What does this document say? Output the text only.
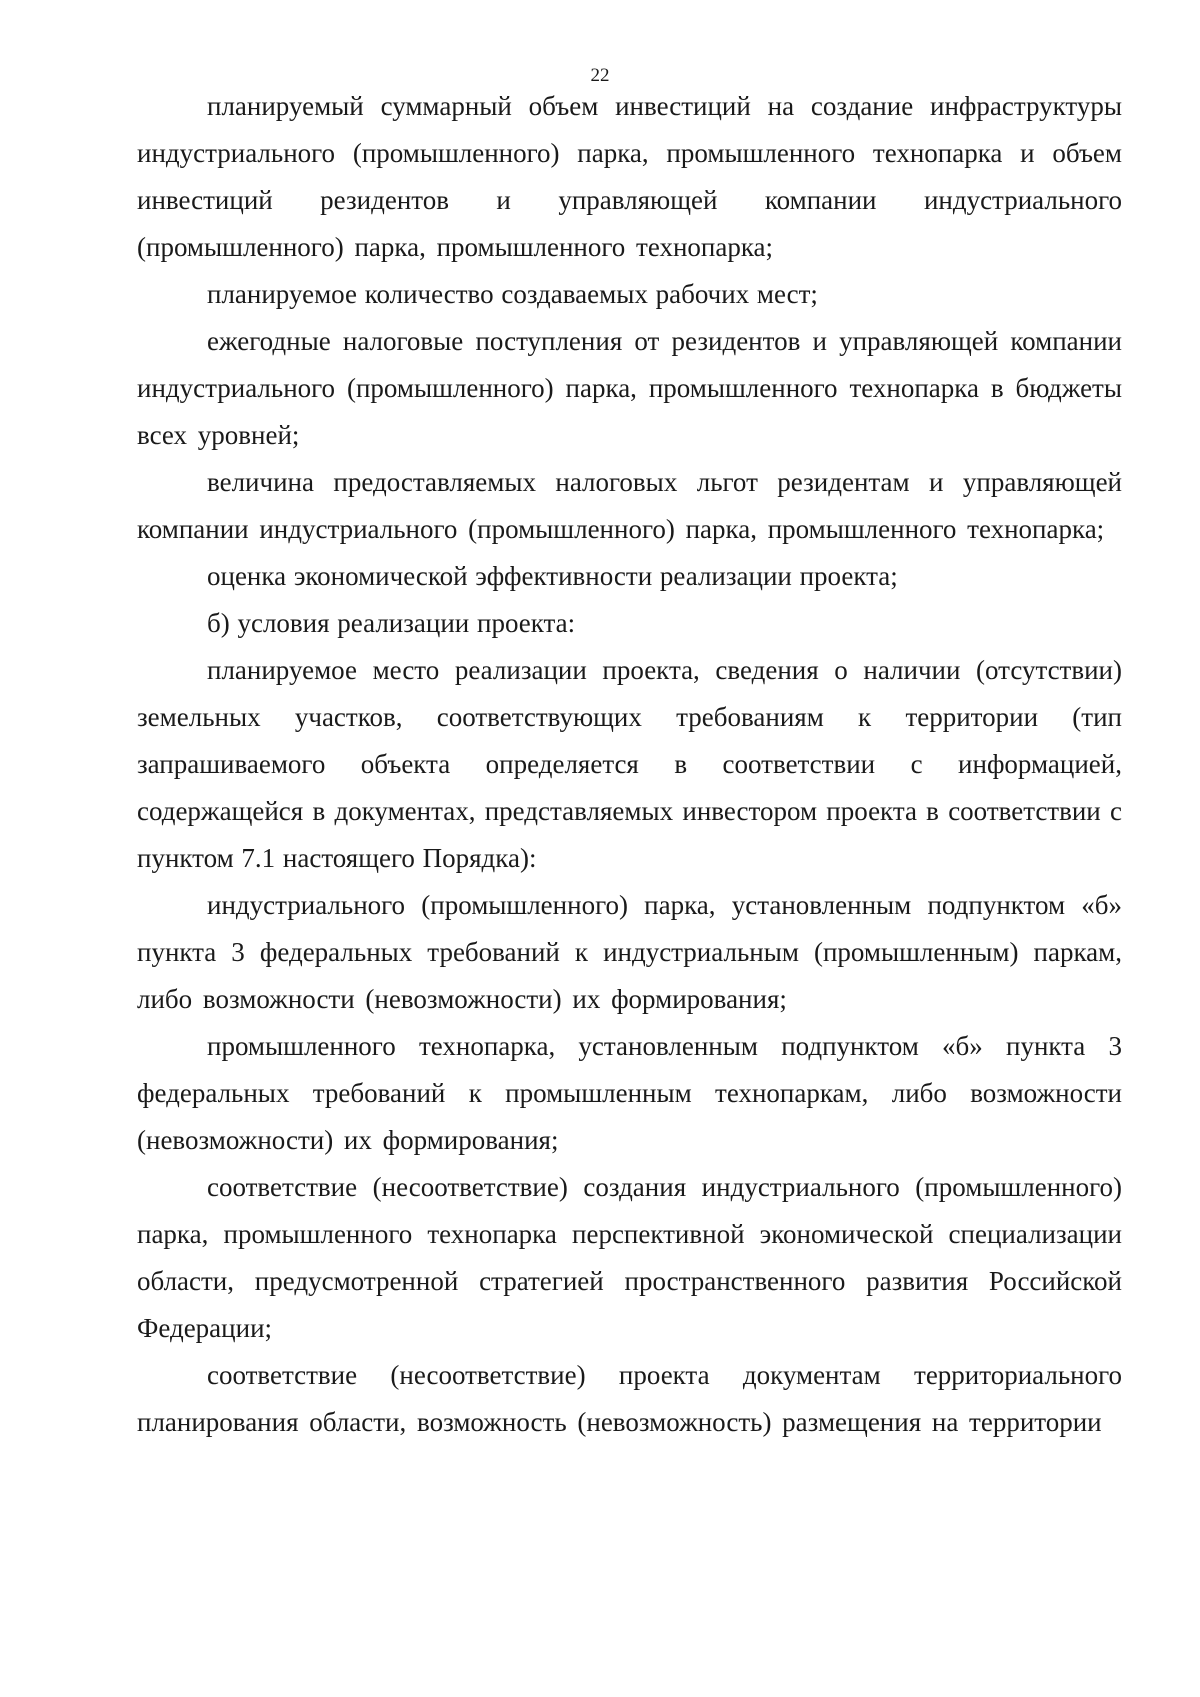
22

планируемый суммарный объем инвестиций на создание инфраструктуры индустриального (промышленного) парка, промышленного технопарка и объем инвестиций резидентов и управляющей компании индустриального (промышленного) парка, промышленного технопарка;

планируемое количество создаваемых рабочих мест;

ежегодные налоговые поступления от резидентов и управляющей компании индустриального (промышленного) парка, промышленного технопарка в бюджеты всех уровней;

величина предоставляемых налоговых льгот резидентам и управляющей компании индустриального (промышленного) парка, промышленного технопарка;

оценка экономической эффективности реализации проекта;

б) условия реализации проекта:

планируемое место реализации проекта, сведения о наличии (отсутствии) земельных участков, соответствующих требованиям к территории (тип запрашиваемого объекта определяется в соответствии с информацией, содержащейся в документах, представляемых инвестором проекта в соответствии с пунктом 7.1 настоящего Порядка):

индустриального (промышленного) парка, установленным подпунктом «б» пункта 3 федеральных требований к индустриальным (промышленным) паркам, либо возможности (невозможности) их формирования;

промышленного технопарка, установленным подпунктом «б» пункта 3 федеральных требований к промышленным технопаркам, либо возможности (невозможности) их формирования;

соответствие (несоответствие) создания индустриального (промышленного) парка, промышленного технопарка перспективной экономической специализации области, предусмотренной стратегией пространственного развития Российской Федерации;

соответствие (несоответствие) проекта документам территориального планирования области, возможность (невозможность) размещения на территории
